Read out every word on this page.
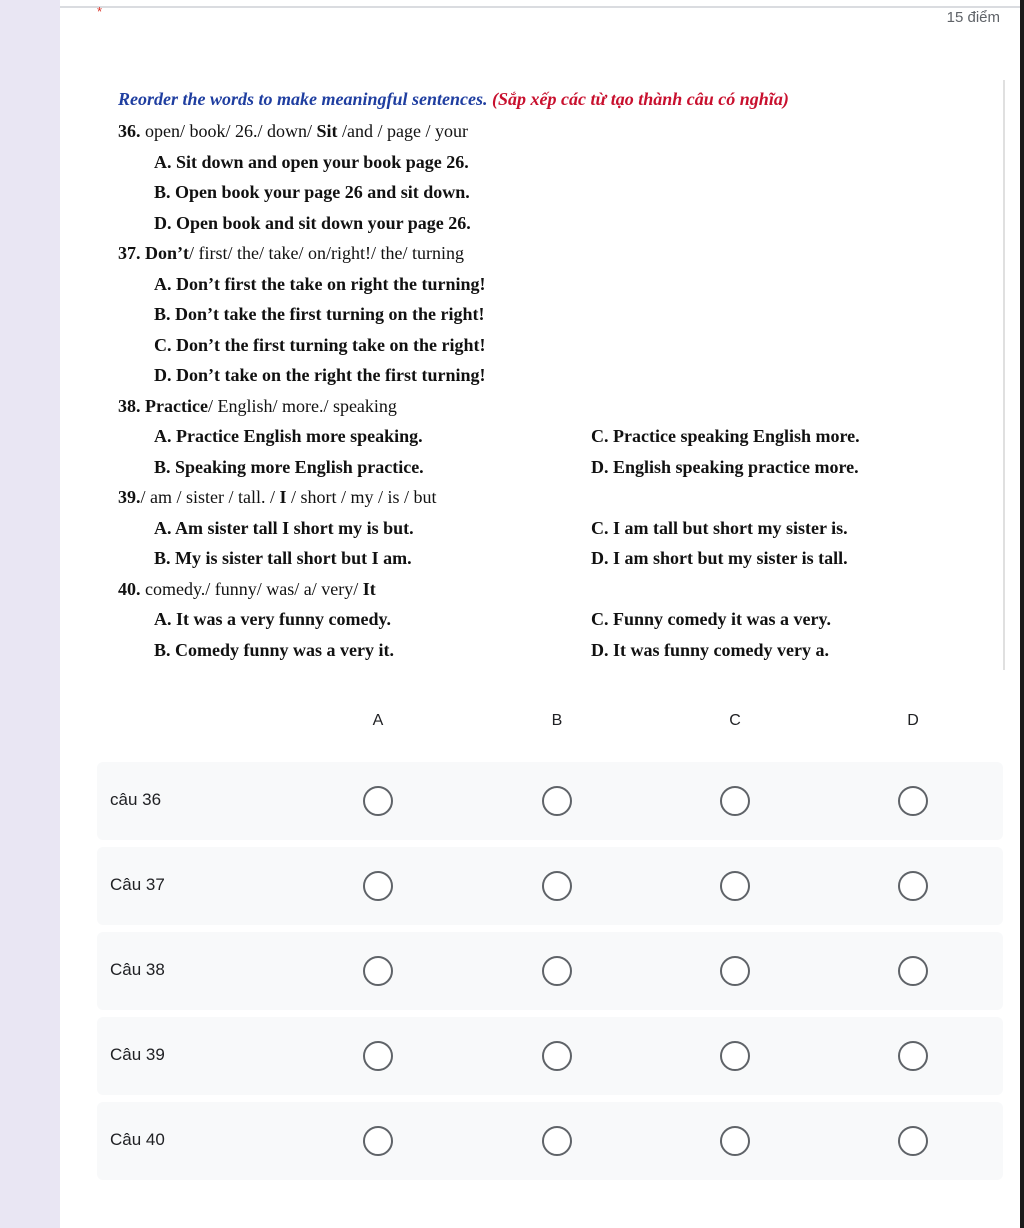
*	15 điểm
Reorder the words to make meaningful sentences. (Sắp xếp các từ tạo thành câu có nghĩa)
36. open/ book/ 26./ down/ Sit /and / page / your
A. Sit down and open your book page 26.
B. Open book your page 26 and sit down.
D. Open book and sit down your page 26.
37. Don’t/ first/ the/ take/ on/right!/ the/ turning
A. Don’t first the take on right the turning!
B. Don’t take the first turning on the right!
C. Don’t the first turning take on the right!
D. Don’t take on the right the first turning!
38. Practice/ English/ more./ speaking
A. Practice English more speaking.	C. Practice speaking English more.
B. Speaking more English practice.	D. English speaking practice more.
39./ am / sister / tall. / I / short / my / is / but
A. Am sister tall I short my is but.	C. I am tall but short my sister is.
B. My is sister tall short but I am.	D. I am short but my sister is tall.
40. comedy./ funny/ was/ a/ very/ It
A. It was a very funny comedy.	C. Funny comedy it was a very.
B. Comedy funny was a very it.	D. It was funny comedy very a.
A	B	C	D
câu 36
Câu 37
Câu 38
Câu 39
Câu 40
